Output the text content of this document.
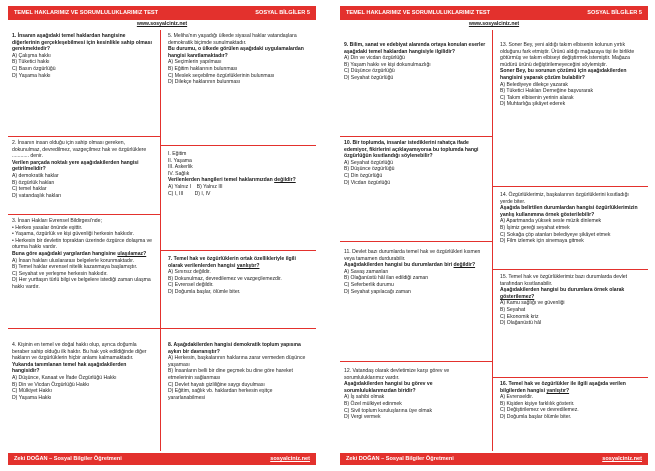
TEMEL HAKLARIMIZ VE SORUMLULUKLARIMIZ TEST	SOSYAL BİLGİLER 5
www.sosyalciniz.net
1. İnsanın aşağıdaki temel haklardan hangisine diğerlerinin gerçekleşebilmesi için kesinlikle sahip olması gerekmektedir?
A) Çalışma hakkı
B) Tüketici hakkı
C) Basın özgürlüğü
D) Yaşama hakkı
2. İnsanın insan olduğu için sahip olması gereken, dokunulmaz, devredilmez, vazgeçilmez hak ve özgürlüklere ............ denir.
Verilen parçada noktalı yere aşağıdakilerden hangisi getirilmelidir?
A) demokratik haklar
B) özgürlük hakları
C) temel haklar
D) vatandaşlık hakları
3. İnsan Hakları Evrensel Bildirgesi'nde;
• Herkes yasalar önünde eşittir.
• Yaşama, özgürlük ve kişi güvenliği herkesin hakkıdır.
• Herkesin bir devletin topraktan üzerinde özgürce dolaşma ve oturma hakkı vardır.
Buna göre aşağıdaki yargılardan hangisine ulaşılamaz?
A) İnsan hakları uluslararası belgelerle korunmaktadır.
B) Temel haklar evrensel nitelik kazanmaya başlamıştır.
C) Seyahat ve yerleşme herkesin hakkıdır.
D) Her yurttaşın türlü bilgi ve belgelere istediği zaman ulaşma hakkı vardır.
4. Kişinin en temel ve doğal hakkı olup, ayrıca doğumla beraber sahip olduğu ilk haktır. Bu hak yok edildiğinde diğer hakların ve özgürlüklerin hiçbir anlamı kalmamaktadır.
Yukarıda tanımlanan temel hak aşağıdakilerden hangisidir?
A) Düşünce, Kanaat ve İfade Özgürlüğü Hakkı
B) Din ve Vicdan Özgürlüğü Hakkı
C) Mülkiyet Hakkı
D) Yaşama Hakkı
5. Meliha'nın yaşadığı ülkede siyasal haklar vatandaşlara demokratik biçimde sunulmaktadır.
Bu durumu, o ülkede görülen aşağıdaki uygulamalardan hangisi kanıtlamaktadır?
A) Seçimlerin yapılması
B) Eğitim haklarının bulunması
C) Meslek seçebilme özgürlüklerinin bulunması
D) Dilekçe haklarının bulunması
I. Eğitim
II. Yaşama
III. Askerlik
IV. Sağlık
Verilenlerden hangileri temel haklarımızdan değildir?
A) Yalnız I B) Yalnız III
C) I, III D) I, IV
7. Temel hak ve özgürlüklerin ortak özellikleriyle ilgili olarak verilenlerden hangisi yanlıştır?
A) Sınırsız değildir.
B) Dokunulmaz, devredilemez ve vazgeçilemezdir.
C) Evrensel değildir.
D) Doğumla başlar, ölümle biter.
8. Aşağıdakilerden hangisi demokratik toplum yapısına aykırı bir davranıştır?
A) Herkesin, başkalarının haklarına zarar vermeden düşünce yaşaması
B) İnsanların belli bir dine geçmek bu dine göre hareket etmelerinin sağlanması
C) Devlet hayatı gizliliğine saygı duyulması
D) Eğitim, sağlık vb. haklardan herkesin eşitçe yararlanabilmesi
Zeki DOĞAN – Sosyal Bilgiler Öğretmeni	sosyalciniz.net
TEMEL HAKLARIMIZ VE SORUMLULUKLARIMIZ TEST	SOSYAL BİLGİLER 5
www.sosyalciniz.net
9. Bilim, sanat ve edebiyat alanında ortaya konulan eserler aşağıdaki temel haklardan hangisiyle ilgilidir?
A) Din ve vicdan özgürlüğü
B) Yaşam hakkı ve kişi dokunulmazlığı
C) Düşünce özgürlüğü
D) Seyahat özgürlüğü
10. Bir toplumda, insanlar istediklerini rahatça ifade edemiyor, fikirlerini açıklayamıyorsa bu toplumda hangi özgürlüğün kısıtlandığı söylenebilir?
A) Seyahat özgürlüğü
B) Düşünce özgürlüğü
C) Din özgürlüğü
D) Vicdan özgürlüğü
11. Devlet bazı durumlarda temel hak ve özgürlükleri kısmen veya tamamen durdurabilir.
Aşağıdakilerden hangisi bu durumlardan biri değildir?
A) Savaş zamanları
B) Olağanüstü hâl ilan edildiği zaman
C) Seferberlik durumu
D) Seyahat yapılacağı zaman
12. Vatandaş olarak devletimize karşı görev ve sorumluluklarımız vardır.
Aşağıdakilerden hangisi bu görev ve sorumluluklarımızdan biridir?
A) İş sahibi olmak
B) Özel mülkiyet edinmek
C) Sivil toplum kuruluşlarına üye olmak
D) Vergi vermek
13. Soner Bey, yeni aldığı takım elbisenin kolunun yırtık olduğunu fark etmiştir. Ürünü aldığı mağazaya tişi ile birlikte götürmüş ve takım elbiseyi değiştirmek istemiştir. Mağaza müdürü ürünü değiştirilemeyeceğini söylemiştir.
Soner Bey, bu sorunun çözümü için aşağıdakilerden hangisini yaparak çözüm bulabilir?
A) Belediyeye dilekçe yazarak
B) Tüketici Hakları Derneğine başvurarak
C) Takım elbisenin yerinin alarak
D) Muhtarlığa şikâyet ederek
14. Özgürlüklerimiz, başkalarının özgürlüklerini kısıtladığı yerde biter.
Aşağıda belirtilen durumlardan hangisi özgürlüklerimizin yanlış kullanımına örnek gösterilebilir?
A) Apartmanda yüksek sesle müzik dinlemek
B) İşimiz gereği seyahat etmek
C) Sokağa çöp atanları belediyeye şikâyet etmek
D) Film izlemek için sinemaya gitmek
15. Temel hak ve özgürlüklerimiz bazı durumlarda devlet tarafından kısıtlanabilir.
Aşağıdakilerden hangisi bu durumlara örnek olarak gösterilemez?
A) Kamu sağlığı ve güvenliği
B) Seyahat
C) Ekonomik kriz
D) Olağanüstü hâl
16. Temel hak ve özgürlükler ile ilgili aşağıda verilen bilgilerden hangisi yanlıştır?
A) Evrenseldir.
B) Kişiden kişiye farklılık gösterir.
C) Değiştirilemez ve devredilemez.
D) Doğumla başlar ölümle biter.
Zeki DOĞAN – Sosyal Bilgiler Öğretmeni	sosyalciniz.net
